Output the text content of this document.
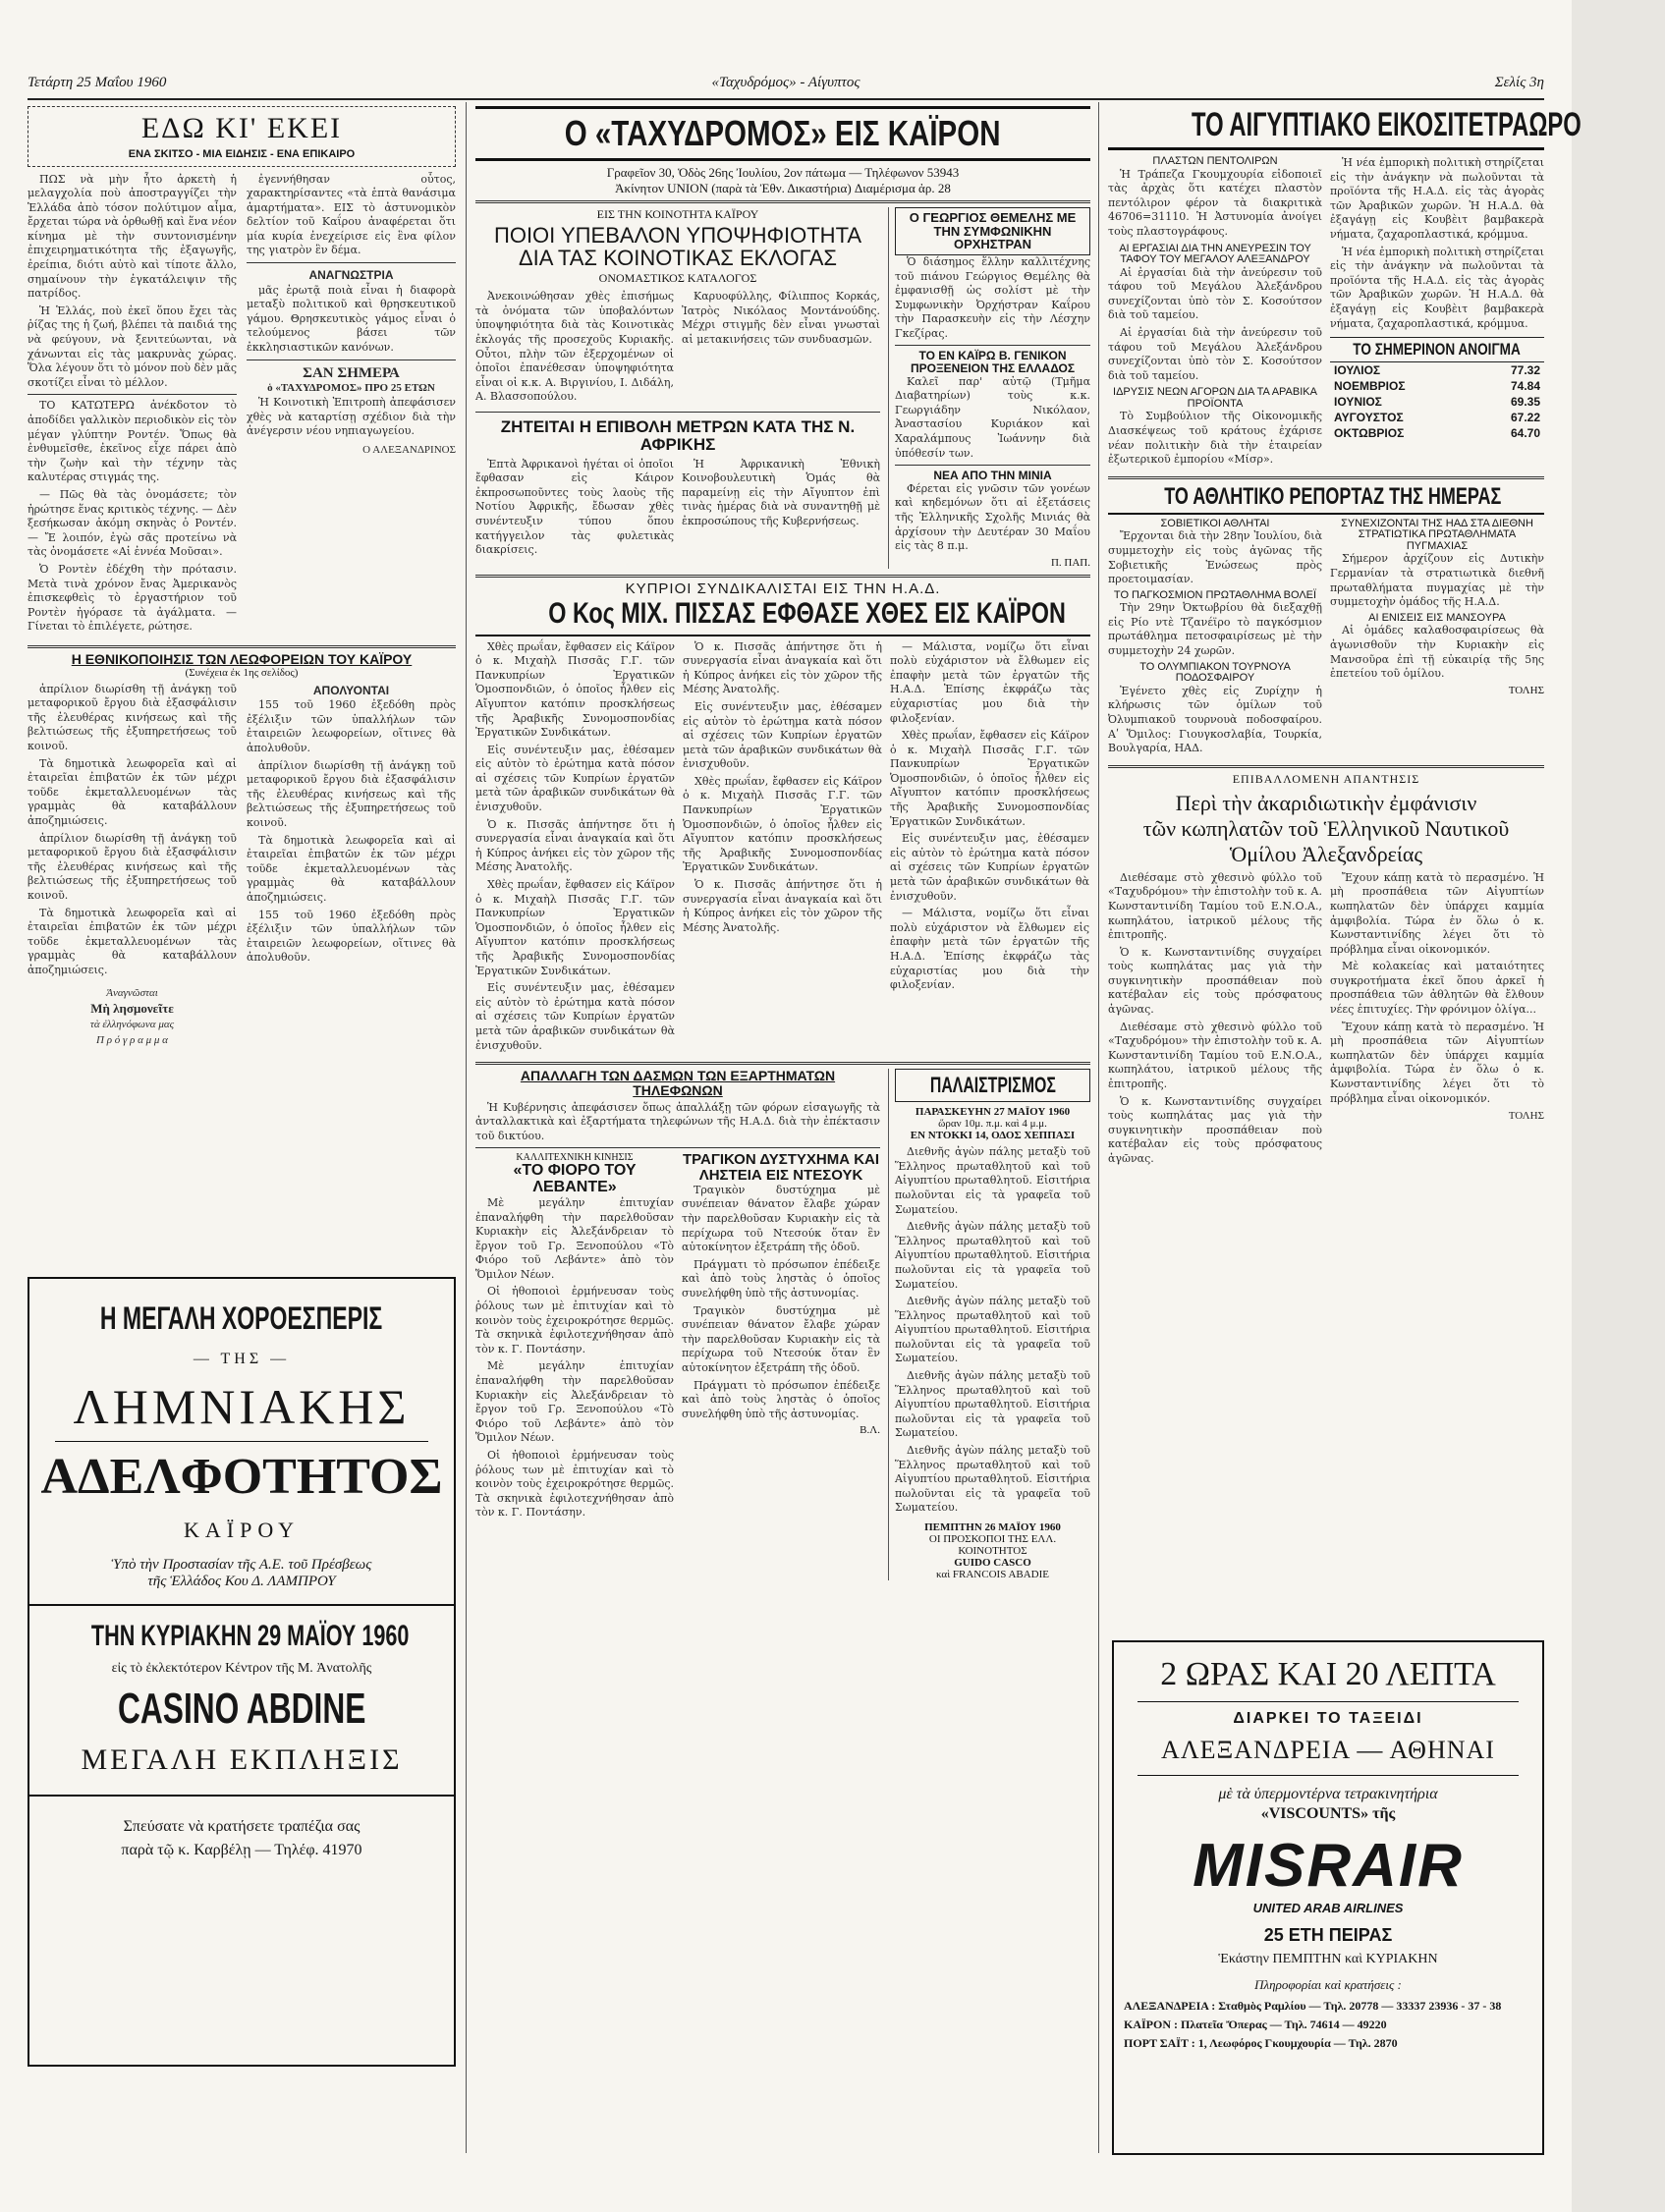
Τετάρτη 25 Μαΐου 1960	«Ταχυδρόμος» - Αίγυπτος	Σελίς 3η
ΕΔΩ ΚΙ' ΕΚΕΙ
ΕΝΑ ΣΚΙΤΣΟ - ΜΙΑ ΕΙΔΗΣΙΣ - ΕΝΑ ΕΠΙΚΑΙΡΟ

ΠΩΣ νὰ μὴν ἦτο ἀρκετὴ ἡ μελαγχολία ποὺ ἀποστραγγίζει τὴν Ἑλλάδα ἀπὸ τόσον πολύτιμον αἷμα, ἔρχεται τώρα νὰ ὀρθωθῇ καὶ ἕνα νέον κίνημα μὲ τὴν συντονισμένην ἐπιχειρηματικότητα τῆς ἐξαγωγῆς, ἐρείπια, διότι αὐτὸ καὶ τίποτε ἄλλο, σημαίνουν τὴν ἐγκατάλειψιν τῆς πατρίδος.

Ἡ Ἑλλάς, ποὺ ἐκεῖ ὅπου ἔχει τὰς ῥίζας της ἡ ζωή, βλέπει τὰ παιδιά της νὰ φεύγουν, νὰ ξενιτεύωνται, νὰ χάνωνται εἰς τὰς μακρυνὰς χώρας. Ὅλα λέγουν ὅτι τὸ μόνον ποὺ δὲν μᾶς σκοτίζει εἶναι τὸ μέλλον.

ΤΟ ΚΑΤΩΤΕΡΩ ἀνέκδοτον τὸ ἀποδίδει γαλλικὸν περιοδικὸν εἰς τὸν μέγαν γλύπτην Ροντέν. Ὅπως θὰ ἐνθυμεῖσθε, ἐκεῖνος εἶχε πάρει ἀπὸ τὴν ζωὴν καὶ τὴν τέχνην τὰς καλυτέρας στιγμάς της.

— Πῶς θὰ τὰς ὀνομάσετε; τὸν ἠρώτησε ἕνας κριτικὸς τέχνης. — Δὲν ξεσήκωσαν ἀκόμη σκηνὰς ὁ Ροντέν. — Ἔ λοιπόν, ἐγὼ σᾶς προτείνω νὰ τὰς ὀνομάσετε «Αἱ ἐννέα Μοῦσαι».

Ὁ Ροντὲν ἐδέχθη τὴν πρότασιν. Μετὰ τινὰ χρόνον ἔνας Ἀμερικανὸς ἐπισκεφθεὶς τὸ ἐργαστήριον τοῦ Ροντὲν ἠγόρασε τὰ ἀγάλματα. — Γίνεται τὸ ἐπιλέγετε, ρώτησε.

ἐγεννήθησαν οὗτος, χαρακτηρίσαντες «τὰ ἑπτὰ θανάσιμα ἁμαρτήματα». ΕΙΣ τὸ ἀστυνομικὸν δελτίον τοῦ Καΐρου ἀναφέρεται ὅτι μία κυρία ἐνεχείρισε εἰς ἓνα φίλον της γιατρὸν ἓν δέμα.

ΑΝΑΓΝΩΣΤΡΙΑ

μᾶς ἐρωτᾷ ποιὰ εἶναι ἡ διαφορὰ μεταξὺ πολιτικοῦ καὶ θρησκευτικοῦ γάμου. Θρησκευτικὸς γάμος εἶναι ὁ τελούμενος βάσει τῶν ἐκκλησιαστικῶν κανόνων.

ΣΑΝ ΣΗΜΕΡΑ
ὁ «ΤΑΧΥΔΡΟΜΟΣ» ΠΡΟ 25 ΕΤΩΝ

Ἡ Κοινοτικὴ Ἐπιτροπὴ ἀπεφάσισεν χθὲς νὰ καταρτίσῃ σχέδιον διὰ τὴν ἀνέγερσιν νέου νηπιαγωγείου.

Ο ΑΛΕΞΑΝΔΡΙΝΟΣ
Η ΕΘΝΙΚΟΠΟΙΗΣΙΣ ΤΩΝ ΛΕΩΦΟΡΕΙΩΝ ΤΟΥ ΚΑΪΡΟΥ
(Συνέχεια ἐκ 1ης σελίδος)

ἀπρίλιον διωρίσθη τῇ ἀνάγκῃ τοῦ μεταφορικοῦ ἔργου διὰ ἐξασφάλισιν τῆς ἐλευθέρας κινήσεως καὶ τῆς βελτιώσεως τῆς ἐξυπηρετήσεως τοῦ κοινοῦ.

Τὰ δημοτικὰ λεωφορεῖα καὶ αἱ ἐταιρεῖαι ἐπιβατῶν ἐκ τῶν μέχρι τοῦδε ἐκμεταλλευομένων τὰς γραμμὰς θὰ καταβάλλουν ἀποζημιώσεις.

ἀπρίλιον διωρίσθη τῇ ἀνάγκῃ τοῦ μεταφορικοῦ ἔργου διὰ ἐξασφάλισιν τῆς ἐλευθέρας κινήσεως καὶ τῆς βελτιώσεως τῆς ἐξυπηρετήσεως τοῦ κοινοῦ.

Τὰ δημοτικὰ λεωφορεῖα καὶ αἱ ἐταιρεῖαι ἐπιβατῶν ἐκ τῶν μέχρι τοῦδε ἐκμεταλλευομένων τὰς γραμμὰς θὰ καταβάλλουν ἀποζημιώσεις.

Ἀναγνῶσται
Μὴ λησμονεῖτε
τὰ ἐλληνόφωνα μας
Π ρ ό γ ρ α μ μ α
ΑΠΟΛΥΟΝΤΑΙ

155 τοῦ 1960 ἐξεδόθη πρὸς ἐξέλιξιν τῶν ὑπαλλήλων τῶν ἐταιρειῶν λεωφορείων, οἵτινες θὰ ἀπολυθοῦν.

ἀπρίλιον διωρίσθη τῇ ἀνάγκῃ τοῦ μεταφορικοῦ ἔργου διὰ ἐξασφάλισιν τῆς ἐλευθέρας κινήσεως καὶ τῆς βελτιώσεως τῆς ἐξυπηρετήσεως τοῦ κοινοῦ.

Τὰ δημοτικὰ λεωφορεῖα καὶ αἱ ἐταιρεῖαι ἐπιβατῶν ἐκ τῶν μέχρι τοῦδε ἐκμεταλλευομένων τὰς γραμμὰς θὰ καταβάλλουν ἀποζημιώσεις.

155 τοῦ 1960 ἐξεδόθη πρὸς ἐξέλιξιν τῶν ὑπαλλήλων τῶν ἐταιρειῶν λεωφορείων, οἵτινες θὰ ἀπολυθοῦν.

Η ΜΕΓΑΛΗ ΧΟΡΟΕΣΠΕΡΙΣ
— ΤΗΣ —
ΛΗΜΝΙΑΚΗΣ
ΑΔΕΛΦΟΤΗΤΟΣ
ΚΑΪΡΟΥ
Ὑπὸ τὴν Προστασίαν τῆς Α.Ε. τοῦ Πρέσβεως
τῆς Ἑλλάδος Κου Δ. ΛΑΜΠΡΟΥ
ΤΗΝ ΚΥΡΙΑΚΗΝ 29 ΜΑΪΟΥ 1960
εἰς τὸ ἐκλεκτότερον Κέντρον τῆς Μ. Ἀνατολῆς
CASINO ABDINE
ΜΕΓΑΛΗ ΕΚΠΛΗΞΙΣ
Σπεύσατε νὰ κρατήσετε τραπέζια σας
παρὰ τῷ κ. Καρβέλῃ — Τηλέφ. 41970
Ο «ΤΑΧΥΔΡΟΜΟΣ» ΕΙΣ ΚΑΪΡΟΝ
Γραφεῖον 30, Ὁδὸς 26ης Ἰουλίου, 2ον πάτωμα — Τηλέφωνον 53943
Ἀκίνητον UNION (παρὰ τὰ Ἐθν. Δικαστήρια) Διαμέρισμα ἀρ. 28
ΕΙΣ ΤΗΝ ΚΟΙΝΟΤΗΤΑ ΚΑΪΡΟΥ
ΠΟΙΟΙ ΥΠΕΒΑΛΟΝ ΥΠΟΨΗΦΙΟΤΗΤΑ ΔΙΑ ΤΑΣ ΚΟΙΝΟΤΙΚΑΣ ΕΚΛΟΓΑΣ
ΟΝΟΜΑΣΤΙΚΟΣ ΚΑΤΑΛΟΓΟΣ

Ἀνεκοινώθησαν χθὲς ἐπισήμως τὰ ὀνόματα τῶν ὑποβαλόντων ὑποψηφιότητα διὰ τὰς Κοινοτικὰς ἐκλογάς τῆς προσεχοῦς Κυριακῆς. Οὗτοι, πλὴν τῶν ἐξερχομένων οἱ ὁποῖοι ἐπανέθεσαν ὑποψηφιότητα εἶναι οἱ κ.κ. Α. Βιργινίου, Ι. Διδάλη, Α. Βλασσοπούλου.

Καρυοφύλλης, Φίλιππος Κορκάς, Ἰατρὸς Νικόλαος Μοντάνούδης. Μέχρι στιγμῆς δὲν εἶναι γνωσταὶ αἱ μετακινήσεις τῶν συνδυασμῶν.

ΖΗΤΕΙΤΑΙ Η ΕΠΙΒΟΛΗ ΜΕΤΡΩΝ ΚΑΤΑ ΤΗΣ Ν. ΑΦΡΙΚΗΣ

Ἐπτὰ Ἀφρικανοὶ ἡγέται οἱ ὁποῖοι ἔφθασαν εἰς Κάιρον ἐκπροσωποῦντες τοὺς λαοὺς τῆς Νοτίου Ἀφρικῆς, ἔδωσαν χθὲς συνέντευξιν τύπου ὅπου κατήγγειλον τὰς φυλετικὰς διακρίσεις.

Ἡ Ἀφρικανικὴ Ἐθνικὴ Κοινοβουλευτικὴ Ὁμάς θὰ παραμείνῃ εἰς τὴν Αἴγυπτον ἐπὶ τινὰς ἡμέρας διὰ νὰ συναντηθῇ μὲ ἐκπροσώπους τῆς Κυβερνήσεως.

Ο ΓΕΩΡΓΙΟΣ ΘΕΜΕΛΗΣ ΜΕ ΤΗΝ ΣΥΜΦΩΝΙΚΗΝ ΟΡΧΗΣΤΡΑΝ

Ὁ διάσημος ἕλλην καλλιτέχνης τοῦ πιάνου Γεώργιος Θεμέλης θὰ ἐμφανισθῇ ὡς σολίστ μὲ τὴν Συμφωνικὴν Ὀρχήστραν Καΐρου τὴν Παρασκευὴν εἰς τὴν Λέσχην Γκεζίρας.

ΤΟ ΕΝ ΚΑΪΡΩ Β. ΓΕΝΙΚΟΝ ΠΡΟΞΕΝΕΙΟΝ ΤΗΣ ΕΛΛΑΔΟΣ

Καλεῖ παρ' αὐτῷ (Τμῆμα Διαβατηρίων) τοὺς κ.κ. Γεωργιάδην Νικόλαον, Ἀναστασίου Κυριάκον καὶ Χαραλάμπους Ἰωάννην διὰ ὑπόθεσίν των.

ΝΕΑ ΑΠΟ ΤΗΝ ΜΙΝΙΑ

Φέρεται εἰς γνῶσιν τῶν γονέων καὶ κηδεμόνων ὅτι αἱ ἐξετάσεις τῆς Ἑλληνικῆς Σχολῆς Μινιάς θὰ ἀρχίσουν τὴν Δευτέραν 30 Μαΐου εἰς τὰς 8 π.μ.

Π. ΠΑΠ.
ΚΥΠΡΙΟΙ ΣΥΝΔΙΚΑΛΙΣΤΑΙ ΕΙΣ ΤΗΝ Η.Α.Δ.
Ο Κος ΜΙΧ. ΠΙΣΣΑΣ ΕΦΘΑΣΕ ΧΘΕΣ ΕΙΣ ΚΑΪΡΟΝ

Χθὲς πρωΐαν, ἔφθασεν εἰς Κάϊρον ὁ κ. Μιχαὴλ Πισσᾶς Γ.Γ. τῶν Πανκυπρίων Ἐργατικῶν Ὁμοσπονδιῶν, ὁ ὁποῖος ἦλθεν εἰς Αἴγυπτον κατόπιν προσκλήσεως τῆς Ἀραβικῆς Συνομοσπονδίας Ἐργατικῶν Συνδικάτων.

Εἰς συνέντευξιν μας, ἐθέσαμεν εἰς αὐτὸν τὸ ἐρώτημα κατὰ πόσον αἱ σχέσεις τῶν Κυπρίων ἐργατῶν μετὰ τῶν ἀραβικῶν συνδικάτων θὰ ἐνισχυθοῦν.

Ὁ κ. Πισσᾶς ἀπήντησε ὅτι ἡ συνεργασία εἶναι ἀναγκαία καὶ ὅτι ἡ Κύπρος ἀνήκει εἰς τὸν χῶρον τῆς Μέσης Ἀνατολῆς.

Χθὲς πρωΐαν, ἔφθασεν εἰς Κάϊρον ὁ κ. Μιχαὴλ Πισσᾶς Γ.Γ. τῶν Πανκυπρίων Ἐργατικῶν Ὁμοσπονδιῶν, ὁ ὁποῖος ἦλθεν εἰς Αἴγυπτον κατόπιν προσκλήσεως τῆς Ἀραβικῆς Συνομοσπονδίας Ἐργατικῶν Συνδικάτων.

Εἰς συνέντευξιν μας, ἐθέσαμεν εἰς αὐτὸν τὸ ἐρώτημα κατὰ πόσον αἱ σχέσεις τῶν Κυπρίων ἐργατῶν μετὰ τῶν ἀραβικῶν συνδικάτων θὰ ἐνισχυθοῦν.

Ὁ κ. Πισσᾶς ἀπήντησε ὅτι ἡ συνεργασία εἶναι ἀναγκαία καὶ ὅτι ἡ Κύπρος ἀνήκει εἰς τὸν χῶρον τῆς Μέσης Ἀνατολῆς.

Εἰς συνέντευξιν μας, ἐθέσαμεν εἰς αὐτὸν τὸ ἐρώτημα κατὰ πόσον αἱ σχέσεις τῶν Κυπρίων ἐργατῶν μετὰ τῶν ἀραβικῶν συνδικάτων θὰ ἐνισχυθοῦν.

Χθὲς πρωΐαν, ἔφθασεν εἰς Κάϊρον ὁ κ. Μιχαὴλ Πισσᾶς Γ.Γ. τῶν Πανκυπρίων Ἐργατικῶν Ὁμοσπονδιῶν, ὁ ὁποῖος ἦλθεν εἰς Αἴγυπτον κατόπιν προσκλήσεως τῆς Ἀραβικῆς Συνομοσπονδίας Ἐργατικῶν Συνδικάτων.

Ὁ κ. Πισσᾶς ἀπήντησε ὅτι ἡ συνεργασία εἶναι ἀναγκαία καὶ ὅτι ἡ Κύπρος ἀνήκει εἰς τὸν χῶρον τῆς Μέσης Ἀνατολῆς.

— Μάλιστα, νομίζω ὅτι εἶναι πολὺ εὐχάριστον νὰ ἔλθωμεν εἰς ἐπαφὴν μετὰ τῶν ἐργατῶν τῆς Η.Α.Δ. Ἐπίσης ἐκφράζω τὰς εὐχαριστίας μου διὰ τὴν φιλοξενίαν.

Χθὲς πρωΐαν, ἔφθασεν εἰς Κάϊρον ὁ κ. Μιχαὴλ Πισσᾶς Γ.Γ. τῶν Πανκυπρίων Ἐργατικῶν Ὁμοσπονδιῶν, ὁ ὁποῖος ἦλθεν εἰς Αἴγυπτον κατόπιν προσκλήσεως τῆς Ἀραβικῆς Συνομοσπονδίας Ἐργατικῶν Συνδικάτων.

Εἰς συνέντευξιν μας, ἐθέσαμεν εἰς αὐτὸν τὸ ἐρώτημα κατὰ πόσον αἱ σχέσεις τῶν Κυπρίων ἐργατῶν μετὰ τῶν ἀραβικῶν συνδικάτων θὰ ἐνισχυθοῦν.

— Μάλιστα, νομίζω ὅτι εἶναι πολὺ εὐχάριστον νὰ ἔλθωμεν εἰς ἐπαφὴν μετὰ τῶν ἐργατῶν τῆς Η.Α.Δ. Ἐπίσης ἐκφράζω τὰς εὐχαριστίας μου διὰ τὴν φιλοξενίαν.

ΑΠΑΛΛΑΓΗ ΤΩΝ ΔΑΣΜΩΝ ΤΩΝ ΕΞΑΡΤΗΜΑΤΩΝ ΤΗΛΕΦΩΝΩΝ

Ἡ Κυβέρνησις ἀπεφάσισεν ὅπως ἀπαλλάξῃ τῶν φόρων εἰσαγωγῆς τὰ ἀνταλλακτικὰ καὶ ἐξαρτήματα τηλεφώνων τῆς Η.Α.Δ. διὰ τὴν ἐπέκτασιν τοῦ δικτύου.

ΚΑΛΛΙΤΕΧΝΙΚΗ ΚΙΝΗΣΙΣ
«ΤΟ ΦΙΟΡΟ ΤΟΥ ΛΕΒΑΝΤΕ»

Μὲ μεγάλην ἐπιτυχίαν ἐπαναλήφθη τὴν παρελθοῦσαν Κυριακὴν εἰς Ἀλεξάνδρειαν τὸ ἔργον τοῦ Γρ. Ξενοπούλου «Τὸ Φιόρο τοῦ Λεβάντε» ἀπὸ τὸν Ὅμιλον Νέων.

Οἱ ἠθοποιοὶ ἐρμήνευσαν τοὺς ῥόλους των μὲ ἐπιτυχίαν καὶ τὸ κοινὸν τοὺς ἐχειροκρότησε θερμῶς. Τὰ σκηνικὰ ἐφιλοτεχνήθησαν ἀπὸ τὸν κ. Γ. Ποντάσην.

Μὲ μεγάλην ἐπιτυχίαν ἐπαναλήφθη τὴν παρελθοῦσαν Κυριακὴν εἰς Ἀλεξάνδρειαν τὸ ἔργον τοῦ Γρ. Ξενοπούλου «Τὸ Φιόρο τοῦ Λεβάντε» ἀπὸ τὸν Ὅμιλον Νέων.

Οἱ ἠθοποιοὶ ἐρμήνευσαν τοὺς ῥόλους των μὲ ἐπιτυχίαν καὶ τὸ κοινὸν τοὺς ἐχειροκρότησε θερμῶς. Τὰ σκηνικὰ ἐφιλοτεχνήθησαν ἀπὸ τὸν κ. Γ. Ποντάσην.

ΤΡΑΓΙΚΟΝ ΔΥΣΤΥΧΗΜΑ ΚΑΙ ΛΗΣΤΕΙΑ ΕΙΣ ΝΤΕΣΟΥΚ

Τραγικὸν δυστύχημα μὲ συνέπειαν θάνατον ἔλαβε χώραν τὴν παρελθοῦσαν Κυριακὴν εἰς τὰ περίχωρα τοῦ Ντεσούκ ὅταν ἓν αὐτοκίνητον ἐξετράπη τῆς ὁδοῦ.

Πράγματι τὸ πρόσωπον ἐπέδειξε καὶ ἀπὸ τοὺς ληστὰς ὁ ὁποῖος συνελήφθη ὑπὸ τῆς ἀστυνομίας.

Τραγικὸν δυστύχημα μὲ συνέπειαν θάνατον ἔλαβε χώραν τὴν παρελθοῦσαν Κυριακὴν εἰς τὰ περίχωρα τοῦ Ντεσούκ ὅταν ἓν αὐτοκίνητον ἐξετράπη τῆς ὁδοῦ.

Πράγματι τὸ πρόσωπον ἐπέδειξε καὶ ἀπὸ τοὺς ληστὰς ὁ ὁποῖος συνελήφθη ὑπὸ τῆς ἀστυνομίας.

Β.Λ.
ΠΑΛΑΙΣΤΡΙΣΜΟΣ
ΠΑΡΑΣΚΕΥΗΝ 27 ΜΑΪΟΥ 1960
ὥραν 10μ. π.μ. καὶ 4 μ.μ.
ΕΝ ΝΤΟΚΚΙ 14, ΟΔΟΣ ΧΕΠΠΑΣΙ

Διεθνῆς ἀγὼν πάλης μεταξὺ τοῦ Ἕλληνος πρωταθλητοῦ καὶ τοῦ Αἰγυπτίου πρωταθλητοῦ. Εἰσιτήρια πωλοῦνται εἰς τὰ γραφεῖα τοῦ Σωματείου.

Διεθνῆς ἀγὼν πάλης μεταξὺ τοῦ Ἕλληνος πρωταθλητοῦ καὶ τοῦ Αἰγυπτίου πρωταθλητοῦ. Εἰσιτήρια πωλοῦνται εἰς τὰ γραφεῖα τοῦ Σωματείου.

Διεθνῆς ἀγὼν πάλης μεταξὺ τοῦ Ἕλληνος πρωταθλητοῦ καὶ τοῦ Αἰγυπτίου πρωταθλητοῦ. Εἰσιτήρια πωλοῦνται εἰς τὰ γραφεῖα τοῦ Σωματείου.

Διεθνῆς ἀγὼν πάλης μεταξὺ τοῦ Ἕλληνος πρωταθλητοῦ καὶ τοῦ Αἰγυπτίου πρωταθλητοῦ. Εἰσιτήρια πωλοῦνται εἰς τὰ γραφεῖα τοῦ Σωματείου.

Διεθνῆς ἀγὼν πάλης μεταξὺ τοῦ Ἕλληνος πρωταθλητοῦ καὶ τοῦ Αἰγυπτίου πρωταθλητοῦ. Εἰσιτήρια πωλοῦνται εἰς τὰ γραφεῖα τοῦ Σωματείου.

ΠΕΜΠΤΗΝ 26 ΜΑΪΟΥ 1960
ΟΙ ΠΡΟΣΚΟΠΟΙ ΤΗΣ ΕΛΛ. ΚΟΙΝΟΤΗΤΟΣ
GUIDO CASCO
καὶ FRANCOIS ABADIE
ΤΟ ΑΙΓΥΠΤΙΑΚΟ ΕΙΚΟΣΙΤΕΤΡΑΩΡΟ
ΠΛΑΣΤΩΝ ΠΕΝΤΟΛΙΡΩΝ

Ἡ Τράπεζα Γκουμχουρία εἰδοποιεῖ τὰς ἀρχὰς ὅτι κατέχει πλαστὸν πεντόλιρον φέρον τὰ διακριτικὰ 46706=31110. Ἡ Ἀστυνομία ἀνοίγει τοὺς πλαστογράφους.

ΑΙ ΕΡΓΑΣΙΑΙ ΔΙΑ ΤΗΝ ΑΝΕΥΡΕΣΙΝ ΤΟΥ ΤΑΦΟΥ ΤΟΥ ΜΕΓΑΛΟΥ ΑΛΕΞΑΝΔΡΟΥ

Αἱ ἐργασίαι διὰ τὴν ἀνεύρεσιν τοῦ τάφου τοῦ Μεγάλου Ἀλεξάνδρου συνεχίζονται ὑπὸ τὸν Σ. Κοσούτσον διὰ τοῦ ταμείου.

Αἱ ἐργασίαι διὰ τὴν ἀνεύρεσιν τοῦ τάφου τοῦ Μεγάλου Ἀλεξάνδρου συνεχίζονται ὑπὸ τὸν Σ. Κοσούτσον διὰ τοῦ ταμείου.

ΙΔΡΥΣΙΣ ΝΕΩΝ ΑΓΟΡΩΝ ΔΙΑ ΤΑ ΑΡΑΒΙΚΑ ΠΡΟΪΟΝΤΑ

Τὸ Συμβούλιον τῆς Οἰκονομικῆς Διασκέψεως τοῦ κράτους ἐχάρισε νέαν πολιτικὴν διὰ τὴν ἑταιρείαν ἐξωτερικοῦ ἐμπορίου «Μίσρ».

Ἡ νέα ἐμπορικὴ πολιτικὴ στηρίζεται εἰς τὴν ἀνάγκην νὰ πωλοῦνται τὰ προϊόντα τῆς Η.Α.Δ. εἰς τὰς ἀγορὰς τῶν Ἀραβικῶν χωρῶν. Ἡ Η.Α.Δ. θὰ ἐξαγάγῃ εἰς Κουβὲιτ βαμβακερὰ νήματα, ζαχαροπλαστικά, κρόμμυα.

Ἡ νέα ἐμπορικὴ πολιτικὴ στηρίζεται εἰς τὴν ἀνάγκην νὰ πωλοῦνται τὰ προϊόντα τῆς Η.Α.Δ. εἰς τὰς ἀγορὰς τῶν Ἀραβικῶν χωρῶν. Ἡ Η.Α.Δ. θὰ ἐξαγάγῃ εἰς Κουβὲιτ βαμβακερὰ νήματα, ζαχαροπλαστικά, κρόμμυα.

ΤΟ ΣΗΜΕΡΙΝΟΝ ΑΝΟΙΓΜΑ
ΙΟΥΛΙΟΣ	77.32
ΝΟΕΜΒΡΙΟΣ	74.84
ΙΟΥΝΙΟΣ	69.35
ΑΥΓΟΥΣΤΟΣ	67.22
ΟΚΤΩΒΡΙΟΣ	64.70
ΤΟ ΑΘΛΗΤΙΚΟ ΡΕΠΟΡΤΑΖ ΤΗΣ ΗΜΕΡΑΣ
ΣΟΒΙΕΤΙΚΟΙ ΑΘΛΗΤΑΙ

Ἔρχονται διὰ τὴν 28ην Ἰουλίου, διὰ συμμετοχὴν εἰς τοὺς ἀγῶνας τῆς Σοβιετικῆς Ἑνώσεως πρὸς προετοιμασίαν.

ΤΟ ΠΑΓΚΟΣΜΙΟΝ ΠΡΩΤΑΘΛΗΜΑ ΒΟΛΕΪ

Τὴν 29ην Ὀκτωβρίου θὰ διεξαχθῇ εἰς Ρίο ντὲ Τζανέϊρο τὸ παγκόσμιον πρωτάθλημα πετοσφαιρίσεως μὲ τὴν συμμετοχὴν 24 χωρῶν.

ΤΟ ΟΛΥΜΠΙΑΚΟΝ ΤΟΥΡΝΟΥΑ ΠΟΔΟΣΦΑΙΡΟΥ

Ἐγένετο χθὲς εἰς Ζυρίχην ἡ κλήρωσις τῶν ὁμίλων τοῦ Ὀλυμπιακοῦ τουρνουὰ ποδοσφαίρου. Αʹ Ὅμιλος: Γιουγκοσλαβία, Τουρκία, Βουλγαρία, ΗΑΔ.

ΣΥΝΕΧΙΖΟΝΤΑΙ ΤΗΣ ΗΑΔ ΣΤΑ ΔΙΕΘΝΗ ΣΤΡΑΤΙΩΤΙΚΑ ΠΡΩΤΑΘΛΗΜΑΤΑ ΠΥΓΜΑΧΙΑΣ

Σήμερον ἀρχίζουν εἰς Δυτικὴν Γερμανίαν τὰ στρατιωτικὰ διεθνῆ πρωταθλήματα πυγμαχίας μὲ τὴν συμμετοχὴν ὁμάδος τῆς Η.Α.Δ.

ΑΙ ΕΝΙΣΕΙΣ ΕΙΣ ΜΑΝΣΟΥΡΑ

Αἱ ὁμάδες καλαθοσφαιρίσεως θὰ ἀγωνισθοῦν τὴν Κυριακὴν εἰς Μανσοῦρα ἐπὶ τῇ εὐκαιρίᾳ τῆς 5ης ἐπετείου τοῦ ὁμίλου.

ΤΟΛΗΣ
ΕΠΙΒΑΛΛΟΜΕΝΗ ΑΠΑΝΤΗΣΙΣ
Περὶ τὴν ἀκαριδιωτικὴν ἐμφάνισιν
τῶν κωπηλατῶν τοῦ Ἑλληνικοῦ Ναυτικοῦ
Ὁμίλου Ἀλεξανδρείας

Διεθέσαμε στὸ χθεσινὸ φύλλο τοῦ «Ταχυδρόμου» τὴν ἐπιστολὴν τοῦ κ. Α. Κωνσταντινίδη Ταμίου τοῦ Ε.Ν.Ο.Α., κωπηλάτου, ἰατρικοῦ μέλους τῆς ἐπιτροπῆς.

Ὁ κ. Κωνσταντινίδης συγχαίρει τοὺς κωπηλάτας μας γιὰ τὴν συγκινητικὴν προσπάθειαν ποὺ κατέβαλαν εἰς τοὺς πρόσφατους ἀγῶνας.

Διεθέσαμε στὸ χθεσινὸ φύλλο τοῦ «Ταχυδρόμου» τὴν ἐπιστολὴν τοῦ κ. Α. Κωνσταντινίδη Ταμίου τοῦ Ε.Ν.Ο.Α., κωπηλάτου, ἰατρικοῦ μέλους τῆς ἐπιτροπῆς.

Ὁ κ. Κωνσταντινίδης συγχαίρει τοὺς κωπηλάτας μας γιὰ τὴν συγκινητικὴν προσπάθειαν ποὺ κατέβαλαν εἰς τοὺς πρόσφατους ἀγῶνας.

Ἔχουν κάπῃ κατὰ τὸ περασμένο. Ἡ μὴ προσπάθεια τῶν Αἰγυπτίων κωπηλατῶν δὲν ὑπάρχει καμμία ἀμφιβολία. Τώρα ἐν ὅλω ὁ κ. Κωνσταντινίδης λέγει ὅτι τὸ πρόβλημα εἶναι οἰκονομικόν.

Μὲ κολακείας καὶ ματαιότητες συγκροτήματα ἐκεῖ ὅπου ἀρκεῖ ἡ προσπάθεια τῶν ἀθλητῶν θὰ ἔλθουν νέες ἐπιτυχίες. Τὴν φρόνιμον ὀλίγα...

Ἔχουν κάπῃ κατὰ τὸ περασμένο. Ἡ μὴ προσπάθεια τῶν Αἰγυπτίων κωπηλατῶν δὲν ὑπάρχει καμμία ἀμφιβολία. Τώρα ἐν ὅλω ὁ κ. Κωνσταντινίδης λέγει ὅτι τὸ πρόβλημα εἶναι οἰκονομικόν.

ΤΟΛΗΣ
2 ΩΡΑΣ ΚΑΙ 20 ΛΕΠΤΑ
ΔΙΑΡΚΕΙ ΤΟ ΤΑΞΕΙΔΙ
ΑΛΕΞΑΝΔΡΕΙΑ — ΑΘΗΝΑΙ
μὲ τὰ ὑπερμοντέρνα τετρακινητήρια
«VISCOUNTS» τῆς
MISRAIR
UNITED ARAB AIRLINES
25 ΕΤΗ ΠΕΙΡΑΣ
Ἑκάστην ΠΕΜΠΤΗΝ καὶ ΚΥΡΙΑΚΗΝ
Πληροφορίαι καὶ κρατήσεις :
ΑΛΕΞΑΝΔΡΕΙΑ : Σταθμὸς Ραμλίου — Τηλ. 20778 — 33337 23936 - 37 - 38
ΚΑΪΡΟΝ : Πλατεῖα Ὄπερας — Τηλ. 74614 — 49220
ΠΟΡΤ ΣΑΪΤ : 1, Λεωφόρος Γκουμχουρία — Τηλ. 2870
